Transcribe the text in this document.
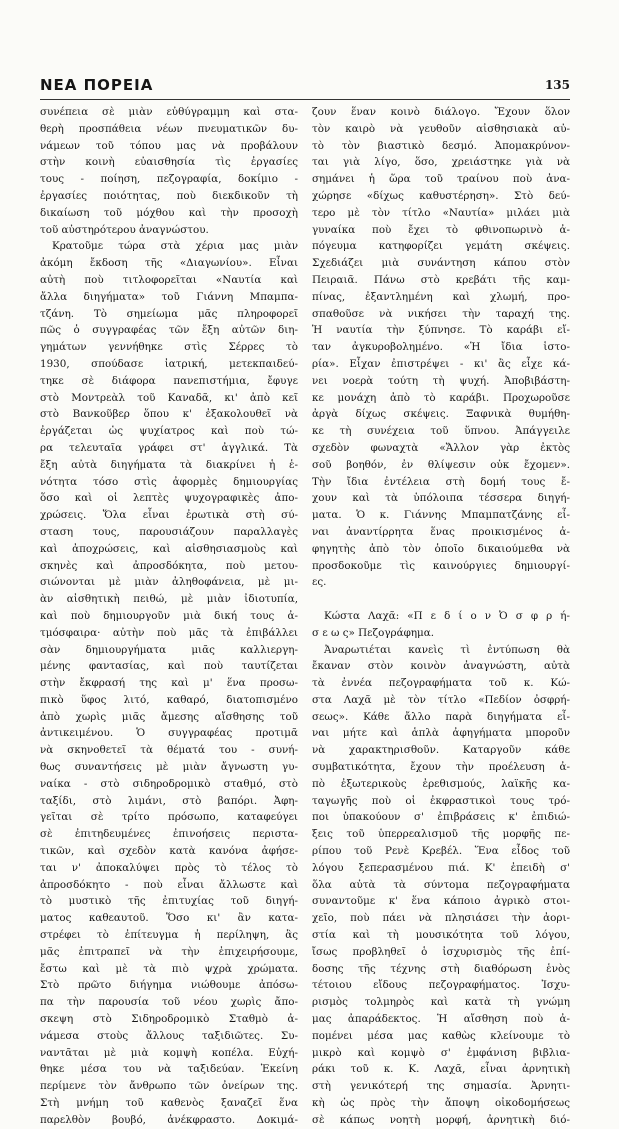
ΝΕΑ ΠΟΡΕΙΑ	135
συνέπεια σὲ μιὰν εὐθύγραμμη καὶ στα-
θερὴ προσπάθεια νέων πνευματικῶν δυ-
νάμεων τοῦ τόπου μας νὰ προβάλουν
στὴν κοινὴ εὐαισθησία τὶς ἐργασίες
τους - ποίηση, πεζογραφία, δοκίμιο -
ἐργασίες ποιότητας, ποὺ διεκδικοῦν τὴ
δικαίωση τοῦ μόχθου καὶ τὴν προσοχὴ
τοῦ αὐστηρότερου ἀναγνώστου.
Κρατοῦμε τώρα στὰ χέρια μας μιὰν
ἀκόμη ἔκδοση τῆς «Διαγωνίου». Εἶναι
αὐτὴ ποὺ τιτλοφορεῖται «Ναυτία καὶ
ἄλλα διηγήματα» τοῦ Γιάννη Μπαμπα-
τζάνη. Τὸ σημείωμα μᾶς πληροφορεῖ
πῶς ὁ συγγραφέας τῶν ἔξη αὐτῶν διη-
γημάτων γεννήθηκε στὶς Σέρρες τὸ
1930, σπούδασε ἰατρική, μετεκπαιδεύ-
τηκε σὲ διάφορα πανεπιστήμια, ἔφυγε
στὸ Μοντρεὰλ τοῦ Καναδᾶ, κι' ἀπὸ κεῖ
στὸ Βανκοῦβερ ὅπου κ' ἐξακολουθεῖ νὰ
ἐργάζεται ὡς ψυχίατρος καὶ ποὺ τώ-
ρα τελευταῖα γράφει στ' ἀγγλικά. Τὰ
ἔξη αὐτὰ διηγήματα τὰ διακρίνει ἡ ἑ-
νότητα τόσο στὶς ἀφορμὲς δημιουργίας
ὅσο καὶ οἱ λεπτὲς ψυχογραφικὲς ἀπο-
χρώσεις. Ὅλα εἶναι ἐρωτικὰ στὴ σύ-
σταση τους, παρουσιάζουν παραλλαγὲς
καὶ ἀποχρώσεις, καὶ αἰσθησιασμοὺς καὶ
σκηνὲς καὶ ἀπροσδόκητα, ποὺ μετου-
σιώνονται μὲ μιὰν ἀληθοφάνεια, μὲ μι-
ὰν αἰσθητικὴ πειθώ, μὲ μιὰν ἰδιοτυπία,
καὶ ποὺ δημιουργοῦν μιὰ δική τους ἀ-
τμόσφαιρα· αὐτὴν ποὺ μᾶς τὰ ἐπιβάλλει
σὰν δημιουργήματα μιᾶς καλλιεργη-
μένης φαντασίας, καὶ ποὺ ταυτίζεται
στὴν ἔκφρασή της καὶ μ' ἕνα προσω-
πικὸ ὕφος λιτό, καθαρό, διατοπισμένο
ἀπὸ χωρὶς μιᾶς ἄμεσης αἴσθησης τοῦ
ἀντικειμένου. Ὁ συγγραφέας προτιμᾶ
νὰ σκηνοθετεῖ τὰ θέματά του - συνή-
θως συναντήσεις μὲ μιὰν ἄγνωστη γυ-
ναίκα - στὸ σιδηροδρομικὸ σταθμό, στὸ
ταξίδι, στὸ λιμάνι, στὸ βαπόρι. Ἀφη-
γεῖται σὲ τρίτο πρόσωπο, καταφεύγει
σὲ ἐπιτηδευμένες ἐπινοήσεις περιστα-
τικῶν, καὶ σχεδὸν κατὰ κανόνα ἀφήσε-
ται ν' ἀποκαλύψει πρὸς τὸ τέλος τὸ
ἀπροσδόκητο - ποὺ εἶναι ἄλλωστε καὶ
τὸ μυστικὸ τῆς ἐπιτυχίας τοῦ διηγή-
ματος καθεαυτοῦ. Ὅσο κι' ἂν κατα-
στρέφει τὸ ἐπίτευγμα ἡ περίληψη, ἂς
μᾶς ἐπιτραπεῖ νὰ τὴν ἐπιχειρήσουμε,
ἔστω καὶ μὲ τὰ πιὸ ψχρὰ χρώματα.
Στὸ πρῶτο διήγημα νιώθουμε ἀπόσω-
πα τὴν παρουσία τοῦ νέου χωρὶς ἄπο-
σκεψη στὸ Σιδηροδρομικὸ Σταθμὸ ἀ-
νάμεσα στοὺς ἄλλους ταξιδιῶτες. Συ-
ναντᾶται μὲ μιὰ κομψὴ κοπέλα. Εὐχή-
θηκε μέσα του νὰ ταξιδεύαν. Ἐκείνη
περίμενε τὸν ἄνθρωπο τῶν ὀνείρων της.
Στὴ μνήμη τοῦ καθενὸς ξαναζεῖ ἕνα
παρελθὸν βουβό, ἀνέκφραστο. Δοκιμά-
ζουν ἕναν κοινὸ διάλογο. Ἔχουν ὅλον
τὸν καιρὸ νὰ γευθοῦν αἰσθησιακὰ αὐ-
τὸ τὸν βιαστικὸ δεσμό. Ἀπομακρύνον-
ται γιὰ λίγο, ὅσο, χρειάστηκε γιὰ νὰ
σημάνει ἡ ὥρα τοῦ τραίνου ποὺ ἀνα-
χώρησε «δίχως καθυστέρηση». Στὸ δεύ-
τερο μὲ τὸν τίτλο «Ναυτία» μιλάει μιὰ
γυναίκα ποὺ ἔχει τὸ φθινοπωρινὸ ἀ-
πόγευμα κατηφορίζει γεμάτη σκέψεις.
Σχεδιάζει μιὰ συνάντηση κάπου στὸν
Πειραιᾶ. Πάνω στὸ κρεβάτι τῆς καμ-
πίνας, ἐξαντλημένη καὶ χλωμή, προ-
σπαθοῦσε νὰ νικήσει τὴν ταραχή της.
Ἡ ναυτία τὴν ξύπνησε. Τὸ καράβι εἴ-
ταν ἀγκυροβολημένο. «Ἡ ἴδια ἱστο-
ρία». Εἶχαν ἐπιστρέψει - κι' ἂς εἶχε κά-
νει νοερὰ τούτη τὴ ψυχή. Ἀποβιβάστη-
κε μονάχη ἀπὸ τὸ καράβι. Προχωροῦσε
ἀργὰ δίχως σκέψεις. Ξαφνικὰ θυμήθη-
κε τὴ συνέχεια τοῦ ὕπνου. Ἀπάγγειλε
σχεδὸν φωναχτὰ «Ἄλλον γὰρ ἐκτὸς
σοῦ βοηθόν, ἐν θλίψεσιν οὐκ ἔχομεν».
Τὴν ἴδια ἐντέλεια στὴ δομή τους ἔ-
χουν καὶ τὰ ὑπόλοιπα τέσσερα διηγή-
ματα. Ὁ κ. Γιάννης Μπαμπατζάνης εἶ-
ναι ἀναντίρρητα ἕνας προικισμένος ἀ-
φηγητὴς ἀπὸ τὸν ὁποῖο δικαιούμεθα νὰ
προσδοκοῦμε τὶς καινούργιες δημιουργί-
ες.
Κώστα Λαχᾶ: «Π ε δ ί ο ν Ὀ σ φ ρ ή-
σ ε ω ς» Πεζογράφημα.
Ἀναρωτιέται κανεὶς τὶ ἐντύπωση θὰ
ἔκαναν στὸν κοινὸν ἀναγνώστη, αὐτὰ
τὰ ἐννέα πεζογραφήματα τοῦ κ. Κώ-
στα Λαχᾶ μὲ τὸν τίτλο «Πεδίον ὀσφρή-
σεως». Κάθε ἄλλο παρὰ διηγήματα εἶ-
ναι μήτε καὶ ἁπλὰ ἀφηγήματα μποροῦν
νὰ χαρακτηρισθοῦν. Καταργοῦν κάθε
συμβατικότητα, ἔχουν τὴν προέλευση ἀ-
πὸ ἐξωτερικοὺς ἐρεθισμούς, λαϊκῆς κα-
ταγωγῆς ποὺ οἱ ἐκφραστικοὶ τους τρό-
ποι ὑπακούουν σ' ἐπιβράσεις κ' ἐπιδιώ-
ξεις τοῦ ὑπερρεαλισμοῦ τῆς μορφῆς πε-
ρίπου τοῦ Ρενὲ Κρεβέλ. Ἕνα εἶδος τοῦ
λόγου ξεπερασμένου πιά. Κ' ἐπειδὴ σ'
ὅλα αὐτὰ τὰ σύντομα πεζογραφήματα
συναντοῦμε κ' ἕνα κάποιο ἀγρικὸ στοι-
χεῖο, ποὺ πάει νὰ πλησιάσει τὴν ἀορι-
στία καὶ τὴ μουσικότητα τοῦ λόγου,
ἴσως προβληθεῖ ὁ ἰσχυρισμὸς τῆς ἐπί-
δοσης τῆς τέχνης στὴ διαθόρωση ἑνὸς
τέτοιου εἴδους πεζογραφήματος. Ἰσχυ-
ρισμὸς τολμηρὸς καὶ κατὰ τὴ γνώμη
μας ἀπαράδεκτος. Ἡ αἴσθηση ποὺ ἀ-
πομένει μέσα μας καθὼς κλείνουμε τὸ
μικρὸ καὶ κομψὸ σ' ἐμφάνιση βιβλια-
ράκι τοῦ κ. Κ. Λαχᾶ, εἶναι ἀρνητικὴ
στὴ γενικότερή της σημασία. Ἀρνητι-
κὴ ὡς πρὸς τὴν ἄποψη οἰκοδομήσεως
σὲ κάπως νοητὴ μορφή, ἀρνητικὴ διό-
